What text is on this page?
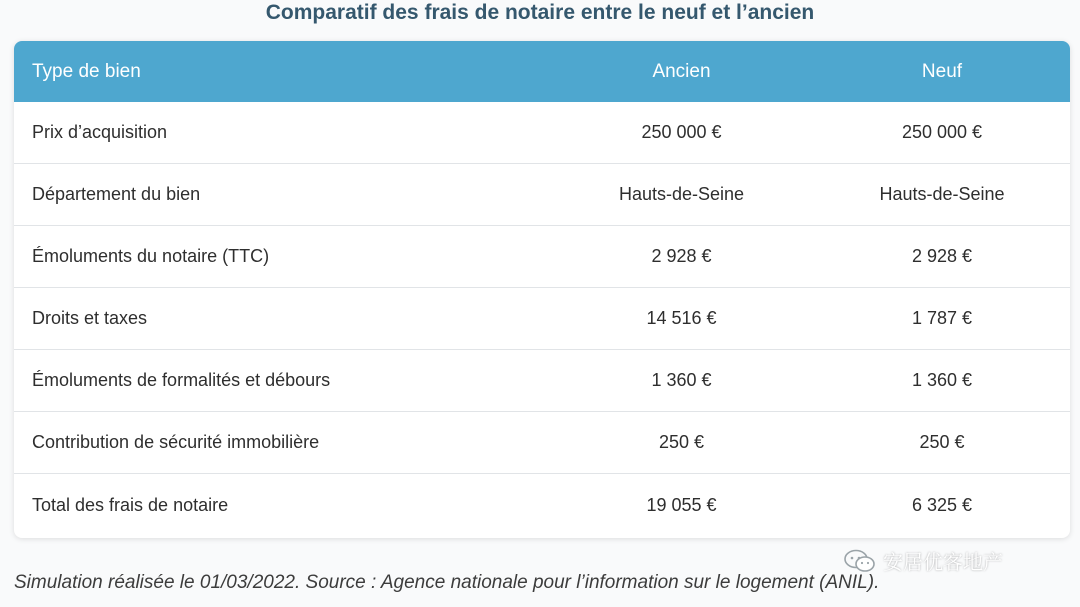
Comparatif des frais de notaire entre le neuf et l’ancien
Type de bien	Ancien	Neuf
Prix d’acquisition	250 000 €	250 000 €
Département du bien	Hauts-de-Seine	Hauts-de-Seine
Émoluments du notaire (TTC)	2 928 €	2 928 €
Droits et taxes	14 516 €	1 787 €
Émoluments de formalités et débours	1 360 €	1 360 €
Contribution de sécurité immobilière	250 €	250 €
Total des frais de notaire	19 055 €	6 325 €
安居优客地产
Simulation réalisée le 01/03/2022. Source : Agence nationale pour l’information sur le logement (ANIL).
